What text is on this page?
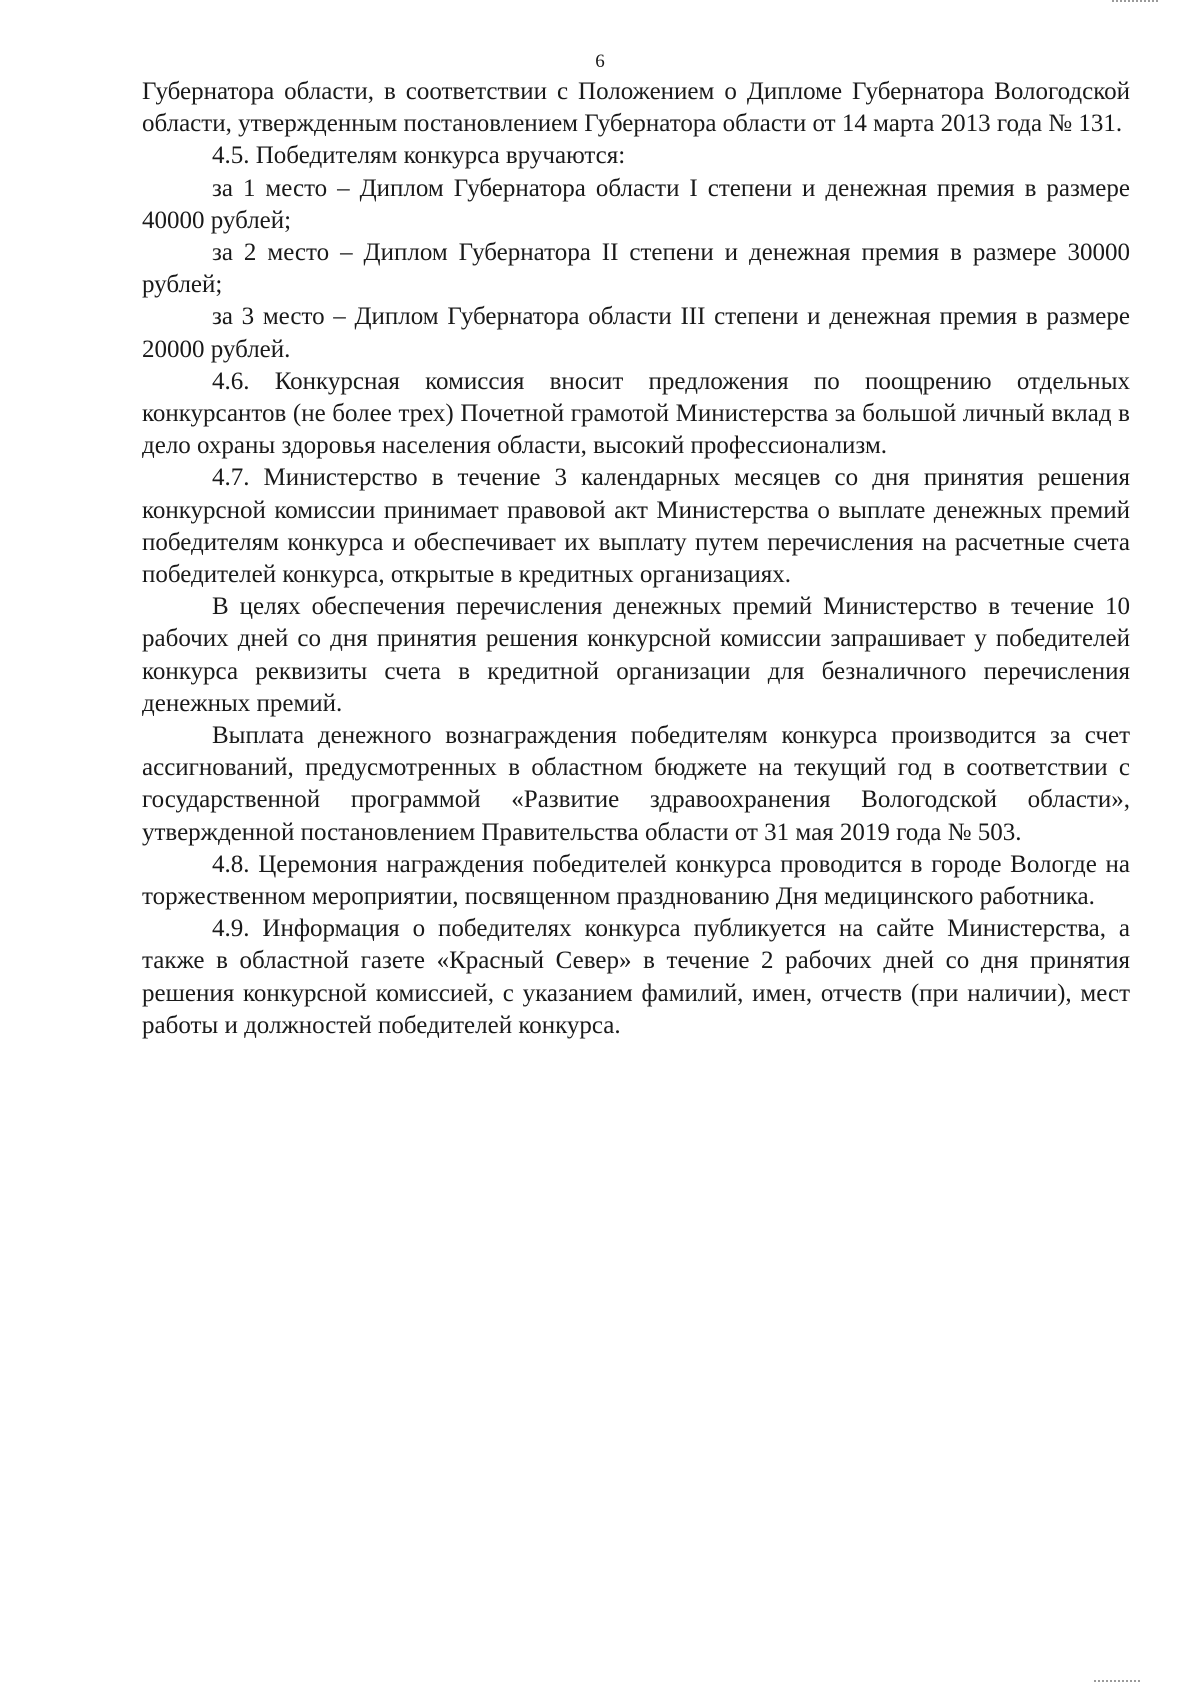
6

Губернатора области, в соответствии с Положением о Дипломе Губернатора Вологодской области, утвержденным постановлением Губернатора области от 14 марта 2013 года № 131.

4.5. Победителям конкурса вручаются:

за 1 место – Диплом Губернатора области I степени и денежная премия в размере 40000 рублей;

за 2 место – Диплом Губернатора II степени и денежная премия в размере 30000 рублей;

за 3 место – Диплом Губернатора области III степени и денежная премия в размере 20000 рублей.

4.6. Конкурсная комиссия вносит предложения по поощрению отдельных конкурсантов (не более трех) Почетной грамотой Министерства за большой личный вклад в дело охраны здоровья населения области, высокий профессионализм.

4.7. Министерство в течение 3 календарных месяцев со дня принятия решения конкурсной комиссии принимает правовой акт Министерства о выплате денежных премий победителям конкурса и обеспечивает их выплату путем перечисления на расчетные счета победителей конкурса, открытые в кредитных организациях.

В целях обеспечения перечисления денежных премий Министерство в течение 10 рабочих дней со дня принятия решения конкурсной комиссии запрашивает у победителей конкурса реквизиты счета в кредитной организации для безналичного перечисления денежных премий.

Выплата денежного вознаграждения победителям конкурса производится за счет ассигнований, предусмотренных в областном бюджете на текущий год в соответствии с государственной программой «Развитие здравоохранения Вологодской области», утвержденной постановлением Правительства области от 31 мая 2019 года № 503.

4.8. Церемония награждения победителей конкурса проводится в городе Вологде на торжественном мероприятии, посвященном празднованию Дня медицинского работника.

4.9. Информация о победителях конкурса публикуется на сайте Министерства, а также в областной газете «Красный Север» в течение 2 рабочих дней со дня принятия решения конкурсной комиссией, с указанием фамилий, имен, отчеств (при наличии), мест работы и должностей победителей конкурса.
